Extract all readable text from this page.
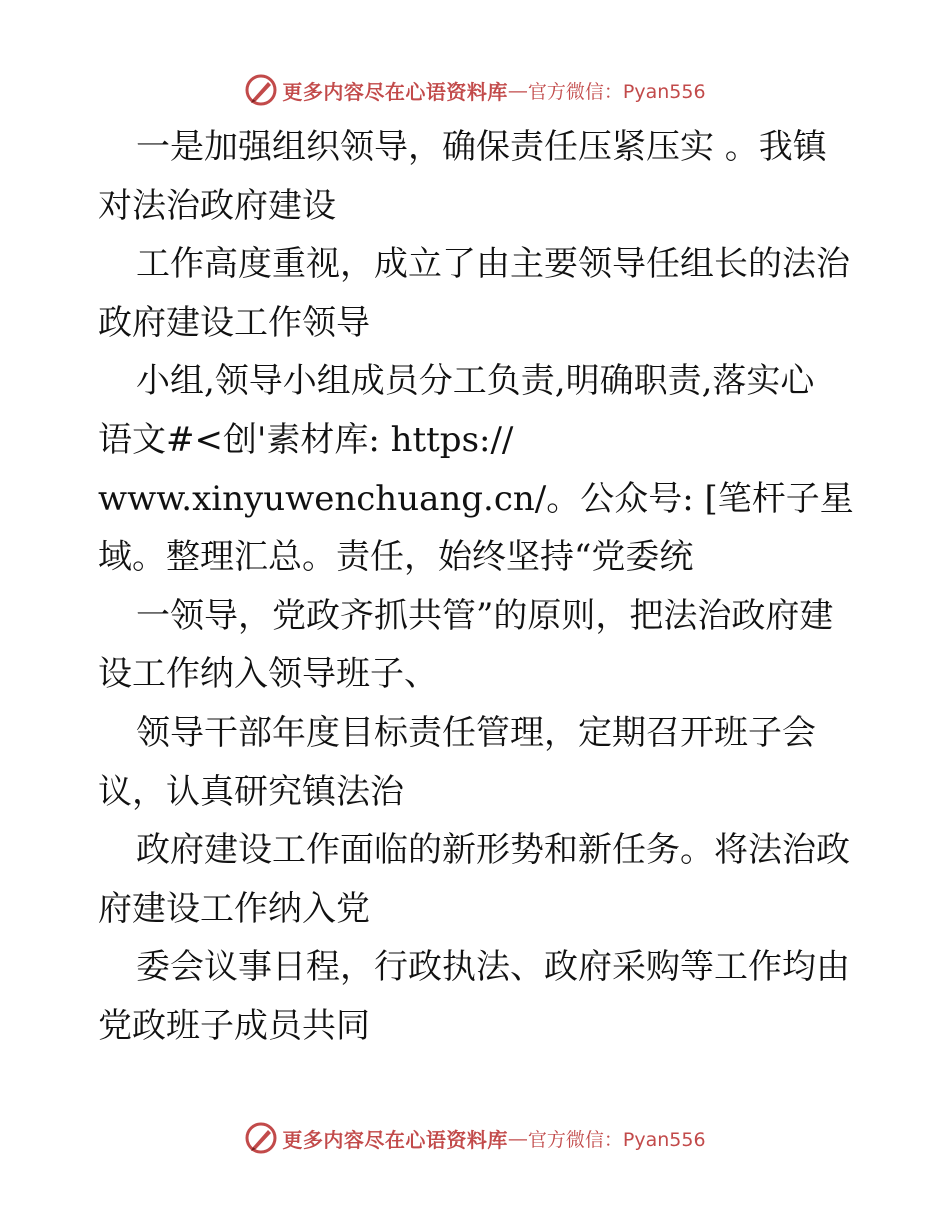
更多内容尽在心语资料库 — 官方微信：Pyan556
一是加强组织领导，确保责任压紧压实 。我镇
对法治政府建设
工作高度重视，成立了由主要领导任组长的法治
政府建设工作领导
小组,领导小组成员分工负责,明确职责,落实心
语文#<创'素材库: https://
www.xinyuwenchuang.cn/。公众号: [笔杆子星
域。整理汇总。责任，始终坚持“党委统
一领导，党政齐抓共管”的原则，把法治政府建
设工作纳入领导班子、
领导干部年度目标责任管理，定期召开班子会
议，认真研究镇法治
政府建设工作面临的新形势和新任务。将法治政
府建设工作纳入党
委会议事日程，行政执法、政府采购等工作均由
党政班子成员共同
更多内容尽在心语资料库 — 官方微信：Pyan556
